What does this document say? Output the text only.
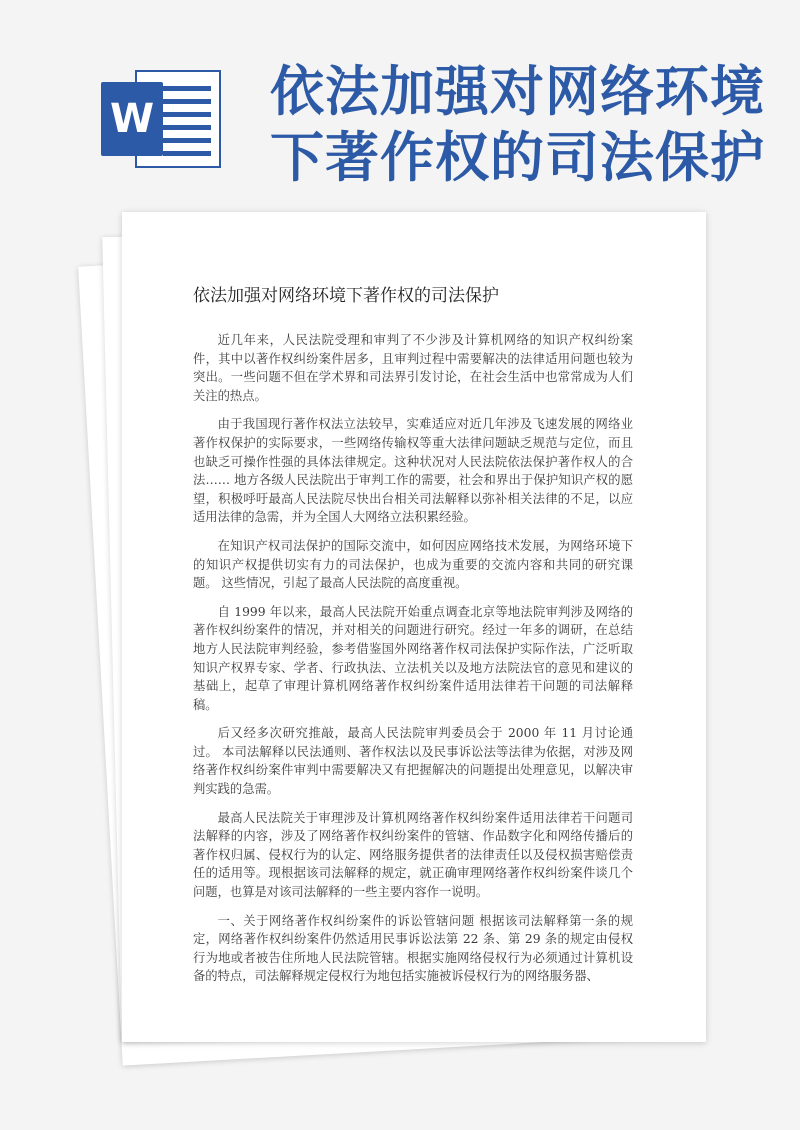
W 依法加强对网络环境下著作权的司法保护
依法加强对网络环境下著作权的司法保护

近几年来，人民法院受理和审判了不少涉及计算机网络的知识产权纠纷案件，其中以著作权纠纷案件居多，且审判过程中需要解决的法律适用问题也较为突出。一些问题不但在学术界和司法界引发讨论，在社会生活中也常常成为人们关注的热点。

由于我国现行著作权法立法较早，实难适应对近几年涉及飞速发展的网络业著作权保护的实际要求，一些网络传输权等重大法律问题缺乏规范与定位，而且也缺乏可操作性强的具体法律规定。这种状况对人民法院依法保护著作权人的合法…… 地方各级人民法院出于审判工作的需要，社会和界出于保护知识产权的愿望，积极呼吁最高人民法院尽快出台相关司法解释以弥补相关法律的不足，以应适用法律的急需，并为全国人大网络立法积累经验。

在知识产权司法保护的国际交流中，如何因应网络技术发展，为网络环境下的知识产权提供切实有力的司法保护，也成为重要的交流内容和共同的研究课题。 这些情况，引起了最高人民法院的高度重视。

自 1999 年以来，最高人民法院开始重点调查北京等地法院审判涉及网络的著作权纠纷案件的情况，并对相关的问题进行研究。经过一年多的调研，在总结地方人民法院审判经验，参考借鉴国外网络著作权司法保护实际作法，广泛听取知识产权界专家、学者、行政执法、立法机关以及地方法院法官的意见和建议的基础上，起草了审理计算机网络著作权纠纷案件适用法律若干问题的司法解释稿。

后又经多次研究推敲，最高人民法院审判委员会于 2000 年 11 月讨论通过。 本司法解释以民法通则、著作权法以及民事诉讼法等法律为依据，对涉及网络著作权纠纷案件审判中需要解决又有把握解决的问题提出处理意见，以解决审判实践的急需。

最高人民法院关于审理涉及计算机网络著作权纠纷案件适用法律若干问题司法解释的内容，涉及了网络著作权纠纷案件的管辖、作品数字化和网络传播后的著作权归属、侵权行为的认定、网络服务提供者的法律责任以及侵权损害赔偿责任的适用等。现根据该司法解释的规定，就正确审理网络著作权纠纷案件谈几个问题，也算是对该司法解释的一些主要内容作一说明。

一、关于网络著作权纠纷案件的诉讼管辖问题 根据该司法解释第一条的规定，网络著作权纠纷案件仍然适用民事诉讼法第 22 条、第 29 条的规定由侵权行为地或者被告住所地人民法院管辖。根据实施网络侵权行为必须通过计算机设备的特点，司法解释规定侵权行为地包括实施被诉侵权行为的网络服务器、
